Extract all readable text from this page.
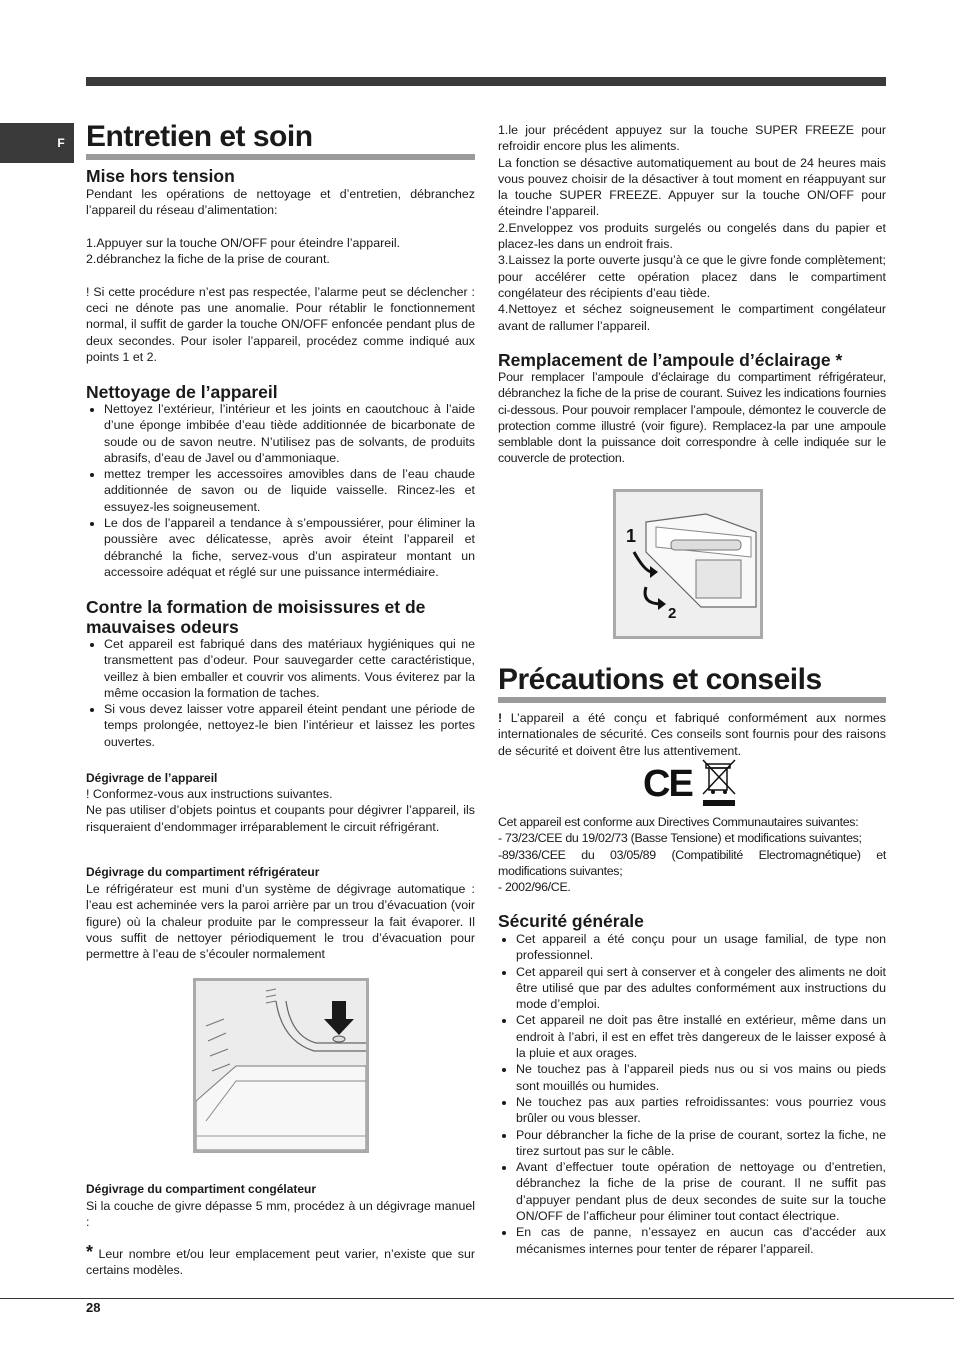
F Entretien et soin
Mise hors tension
Pendant les opérations de nettoyage et d’entretien, débranchez l’appareil du réseau d’alimentation:
1.Appuyer sur la touche ON/OFF pour éteindre l’appareil.
2.débranchez la fiche de la prise de courant.
! Si cette procédure n’est pas respectée, l’alarme peut se déclencher : ceci ne dénote pas une anomalie. Pour rétablir le fonctionnement normal, il suffit de garder la touche ON/OFF enfoncée pendant plus de deux secondes. Pour isoler l’appareil, procédez comme indiqué aux points 1 et 2.
Nettoyage de l’appareil
• Nettoyez l’extérieur, l’intérieur et les joints en caoutchouc à l’aide d’une éponge imbibée d’eau tiède additionnée de bicarbonate de soude ou de savon neutre. N’utilisez pas de solvants, de produits abrasifs, d’eau de Javel ou d’ammoniaque.
• mettez tremper les accessoires amovibles dans de l’eau chaude additionnée de savon ou de liquide vaisselle. Rincez-les et essuyez-les soigneusement.
• Le dos de l’appareil a tendance à s’empoussiérer, pour éliminer la poussière avec délicatesse, après avoir éteint l’appareil et débranché la fiche, servez-vous d’un aspirateur montant un accessoire adéquat et réglé sur une puissance intermédiaire.
Contre la formation de moisissures et de mauvaises odeurs
• Cet appareil est fabriqué dans des matériaux hygiéniques qui ne transmettent pas d’odeur. Pour sauvegarder cette caractéristique, veillez à bien emballer et couvrir vos aliments. Vous éviterez par la même occasion la formation de taches.
• Si vous devez laisser votre appareil éteint pendant une période de temps prolongée, nettoyez-le bien l’intérieur et laissez les portes ouvertes.
Dégivrage de l’appareil
! Conformez-vous aux instructions suivantes.
Ne pas utiliser d’objets pointus et coupants pour dégivrer l’appareil, ils risqueraient d’endommager irréparablement le circuit réfrigérant.
Dégivrage du compartiment réfrigérateur
Le réfrigérateur est muni d’un système de dégivrage automatique : l’eau est acheminée vers la paroi arrière par un trou d’évacuation (voir figure) où la chaleur produite par le compresseur la fait évaporer. Il vous suffit de nettoyer périodiquement le trou d’évacuation pour permettre à l’eau de s’écouler normalement
Dégivrage du compartiment congélateur
Si la couche de givre dépasse 5 mm, procédez à un dégivrage manuel :
* Leur nombre et/ou leur emplacement peut varier, n’existe que sur certains modèles.
1.le jour précédent appuyez sur la touche SUPER FREEZE pour refroidir encore plus les aliments.
La fonction se désactive automatiquement au bout de 24 heures mais vous pouvez choisir de la désactiver à tout moment en réappuyant sur la touche SUPER FREEZE. Appuyer sur la touche ON/OFF pour éteindre l’appareil.
2.Enveloppez vos produits surgelés ou congelés dans du papier et placez-les dans un endroit frais.
3.Laissez la porte ouverte jusqu’à ce que le givre fonde complètement; pour accélérer cette opération placez dans le compartiment congélateur des récipients d’eau tiède.
4.Nettoyez et séchez soigneusement le compartiment congélateur avant de rallumer l’appareil.
Remplacement de l’ampoule d’éclairage *
Pour remplacer l’ampoule d’éclairage du compartiment réfrigérateur, débranchez la fiche de la prise de courant. Suivez les indications fournies ci-dessous. Pour pouvoir remplacer l’ampoule, démontez le couvercle de protection comme illustré (voir figure). Remplacez-la par une ampoule semblable dont la puissance doit correspondre à celle indiquée sur le couvercle de protection.
1
2
Précautions et conseils
! L’appareil a été conçu et fabriqué conformément aux normes internationales de sécurité. Ces conseils sont fournis pour des raisons de sécurité et doivent être lus attentivement.
Cet appareil est conforme aux Directives Communautaires suivantes:
- 73/23/CEE du 19/02/73 (Basse Tensione) et modifications suivantes;
-89/336/CEE du 03/05/89 (Compatibilité Electromagnétique) et modifications suivantes;
- 2002/96/CE.
Sécurité générale
• Cet appareil a été conçu pour un usage familial, de type non professionnel.
• Cet appareil qui sert à conserver et à congeler des aliments ne doit être utilisé que par des adultes conformément aux instructions du mode d’emploi.
• Cet appareil ne doit pas être installé en extérieur, même dans un endroit à l’abri, il est en effet très dangereux de le laisser exposé à la pluie et aux orages.
• Ne touchez pas à l’appareil pieds nus ou si vos mains ou pieds sont mouillés ou humides.
• Ne touchez pas aux parties refroidissantes: vous pourriez vous brûler ou vous blesser.
• Pour débrancher la fiche de la prise de courant, sortez la fiche, ne tirez surtout pas sur le câble.
• Avant d’effectuer toute opération de nettoyage ou d’entretien, débranchez la fiche de la prise de courant. Il ne suffit pas d’appuyer pendant plus de deux secondes de suite sur la touche ON/OFF de l’afficheur pour éliminer tout contact électrique.
• En cas de panne, n’essayez en aucun cas d’accéder aux mécanismes internes pour tenter de réparer l’appareil.
CE
28
